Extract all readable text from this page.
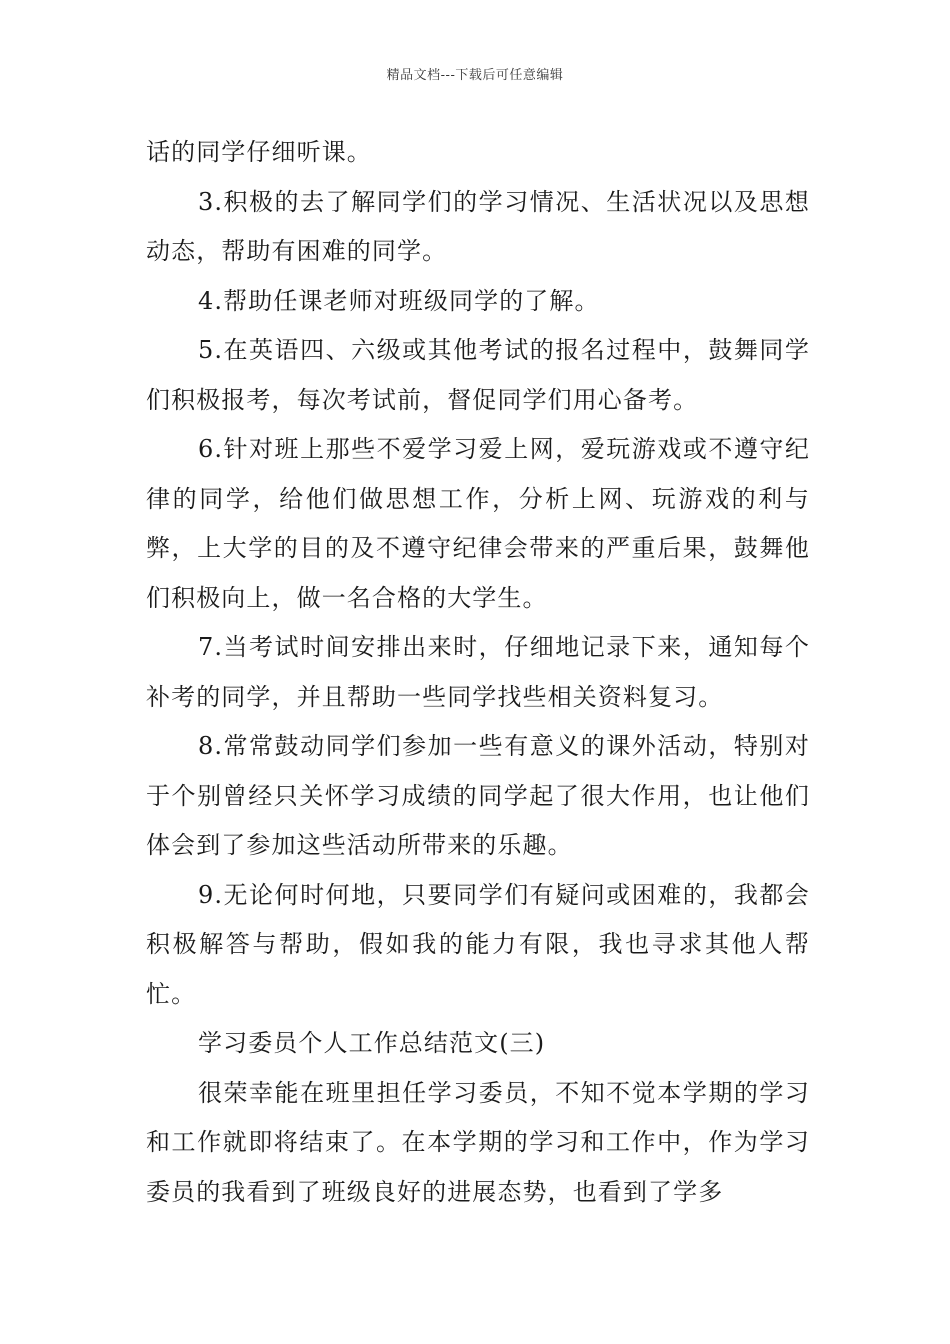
精品文档---下载后可任意编辑

话的同学仔细听课。

3.积极的去了解同学们的学习情况、生活状况以及思想动态，帮助有困难的同学。

4.帮助任课老师对班级同学的了解。

5.在英语四、六级或其他考试的报名过程中，鼓舞同学们积极报考，每次考试前，督促同学们用心备考。

6.针对班上那些不爱学习爱上网，爱玩游戏或不遵守纪律的同学，给他们做思想工作，分析上网、玩游戏的利与弊，上大学的目的及不遵守纪律会带来的严重后果，鼓舞他们积极向上，做一名合格的大学生。

7.当考试时间安排出来时，仔细地记录下来，通知每个补考的同学，并且帮助一些同学找些相关资料复习。

8.常常鼓动同学们参加一些有意义的课外活动，特别对于个别曾经只关怀学习成绩的同学起了很大作用，也让他们体会到了参加这些活动所带来的乐趣。

9.无论何时何地，只要同学们有疑问或困难的，我都会积极解答与帮助，假如我的能力有限，我也寻求其他人帮忙。

学习委员个人工作总结范文(三)

很荣幸能在班里担任学习委员，不知不觉本学期的学习和工作就即将结束了。在本学期的学习和工作中，作为学习委员的我看到了班级良好的进展态势，也看到了学多
